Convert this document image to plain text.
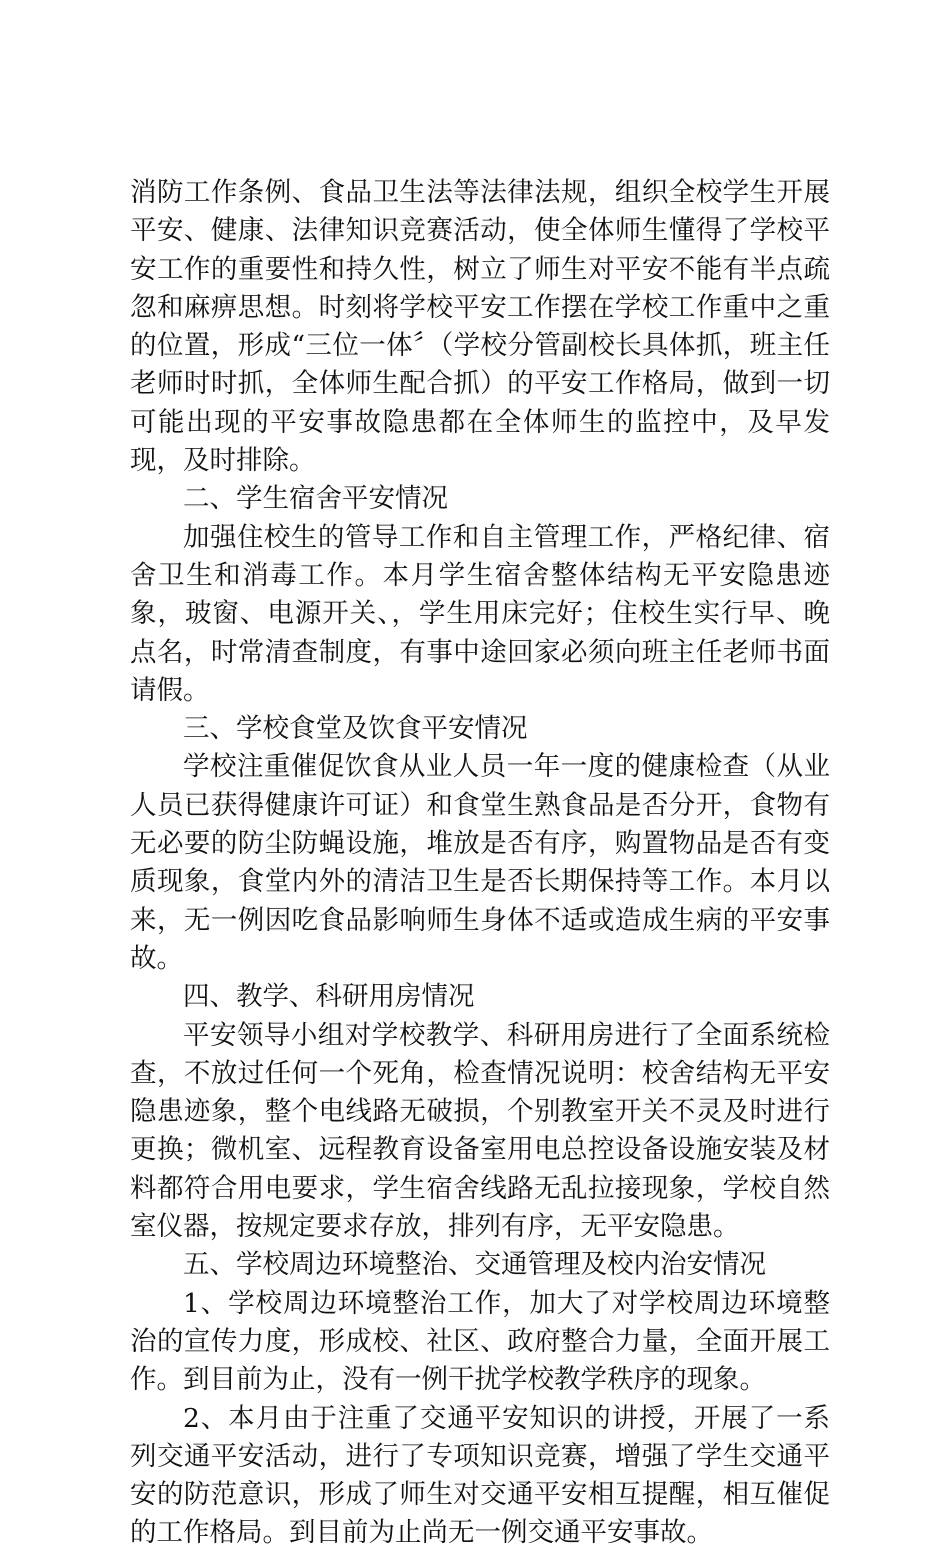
消防工作条例、食品卫生法等法律法规，组织全校学生开展平安、健康、法律知识竞赛活动，使全体师生懂得了学校平安工作的重要性和持久性，树立了师生对平安不能有半点疏忽和麻痹思想。时刻将学校平安工作摆在学校工作重中之重的位置，形成“三位一体〞（学校分管副校长具体抓，班主任老师时时抓，全体师生配合抓）的平安工作格局，做到一切可能出现的平安事故隐患都在全体师生的监控中，及早发现，及时排除。

二、学生宿舍平安情况

加强住校生的管导工作和自主管理工作，严格纪律、宿舍卫生和消毒工作。本月学生宿舍整体结构无平安隐患迹象，玻窗、电源开关、，学生用床完好；住校生实行早、晚点名，时常清查制度，有事中途回家必须向班主任老师书面请假。

三、学校食堂及饮食平安情况

学校注重催促饮食从业人员一年一度的健康检查（从业人员已获得健康许可证）和食堂生熟食品是否分开，食物有无必要的防尘防蝇设施，堆放是否有序，购置物品是否有变质现象，食堂内外的清洁卫生是否长期保持等工作。本月以来，无一例因吃食品影响师生身体不适或造成生病的平安事故。

四、教学、科研用房情况

平安领导小组对学校教学、科研用房进行了全面系统检查，不放过任何一个死角，检查情况说明：校舍结构无平安隐患迹象，整个电线路无破损，个别教室开关不灵及时进行更换；微机室、远程教育设备室用电总控设备设施安装及材料都符合用电要求，学生宿舍线路无乱拉接现象，学校自然室仪器，按规定要求存放，排列有序，无平安隐患。

五、学校周边环境整治、交通管理及校内治安情况

1、学校周边环境整治工作，加大了对学校周边环境整治的宣传力度，形成校、社区、政府整合力量，全面开展工作。到目前为止，没有一例干扰学校教学秩序的现象。

2、本月由于注重了交通平安知识的讲授，开展了一系列交通平安活动，进行了专项知识竞赛，增强了学生交通平安的防范意识，形成了师生对交通平安相互提醒，相互催促的工作格局。到目前为止尚无一例交通平安事故。
